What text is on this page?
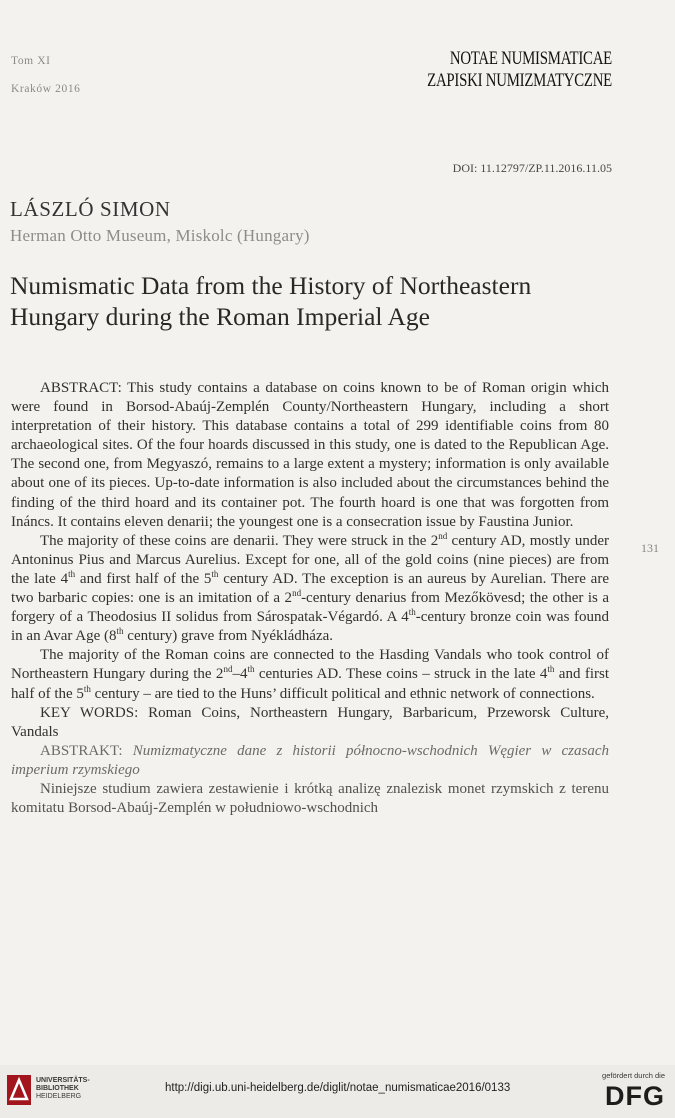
Tom XI
Kraków 2016
NOTAE NUMISMATICAE
ZAPISKI NUMIZMATYCZNE
DOI: 11.12797/ZP.11.2016.11.05
LÁSZLÓ SIMON
Herman Otto Museum, Miskolc (Hungary)
Numismatic Data from the History of Northeastern Hungary during the Roman Imperial Age
131

ABSTRACT: This study contains a database on coins known to be of Roman origin which were found in Borsod-Abaúj-Zemplén County/Northeastern Hungary, including a short interpretation of their history. This database contains a total of 299 identifiable coins from 80 archaeological sites. Of the four hoards discussed in this study, one is dated to the Republican Age. The second one, from Megyaszó, remains to a large extent a mystery; information is only available about one of its pieces. Up-to-date information is also included about the circumstances behind the finding of the third hoard and its container pot. The fourth hoard is one that was forgotten from Ináncs. It contains eleven denarii; the youngest one is a consecration issue by Faustina Junior.

The majority of these coins are denarii. They were struck in the 2nd century AD, mostly under Antoninus Pius and Marcus Aurelius. Except for one, all of the gold coins (nine pieces) are from the late 4th and first half of the 5th century AD. The exception is an aureus by Aurelian. There are two barbaric copies: one is an imitation of a 2nd-century denarius from Mezőkövesd; the other is a forgery of a Theodosius II solidus from Sárospatak-Végardó. A 4th-century bronze coin was found in an Avar Age (8th century) grave from Nyékládháza.

The majority of the Roman coins are connected to the Hasding Vandals who took control of Northeastern Hungary during the 2nd–4th centuries AD. These coins – struck in the late 4th and first half of the 5th century – are tied to the Huns’ difficult political and ethnic network of connections.

KEY WORDS: Roman Coins, Northeastern Hungary, Barbaricum, Przeworsk Culture, Vandals

ABSTRAKT: Numizmatyczne dane z historii północno-wschodnich Węgier w czasach imperium rzymskiego

Niniejsze studium zawiera zestawienie i krótką analizę znalezisk monet rzymskich z terenu komitatu Borsod-Abaúj-Zemplén w południowo-wschodnich

UNIVERSITÄTS-
BIBLIOTHEK
HEIDELBERG
http://digi.ub.uni-heidelberg.de/diglit/notae_numismaticae2016/0133
gefördert durch die
DFG
